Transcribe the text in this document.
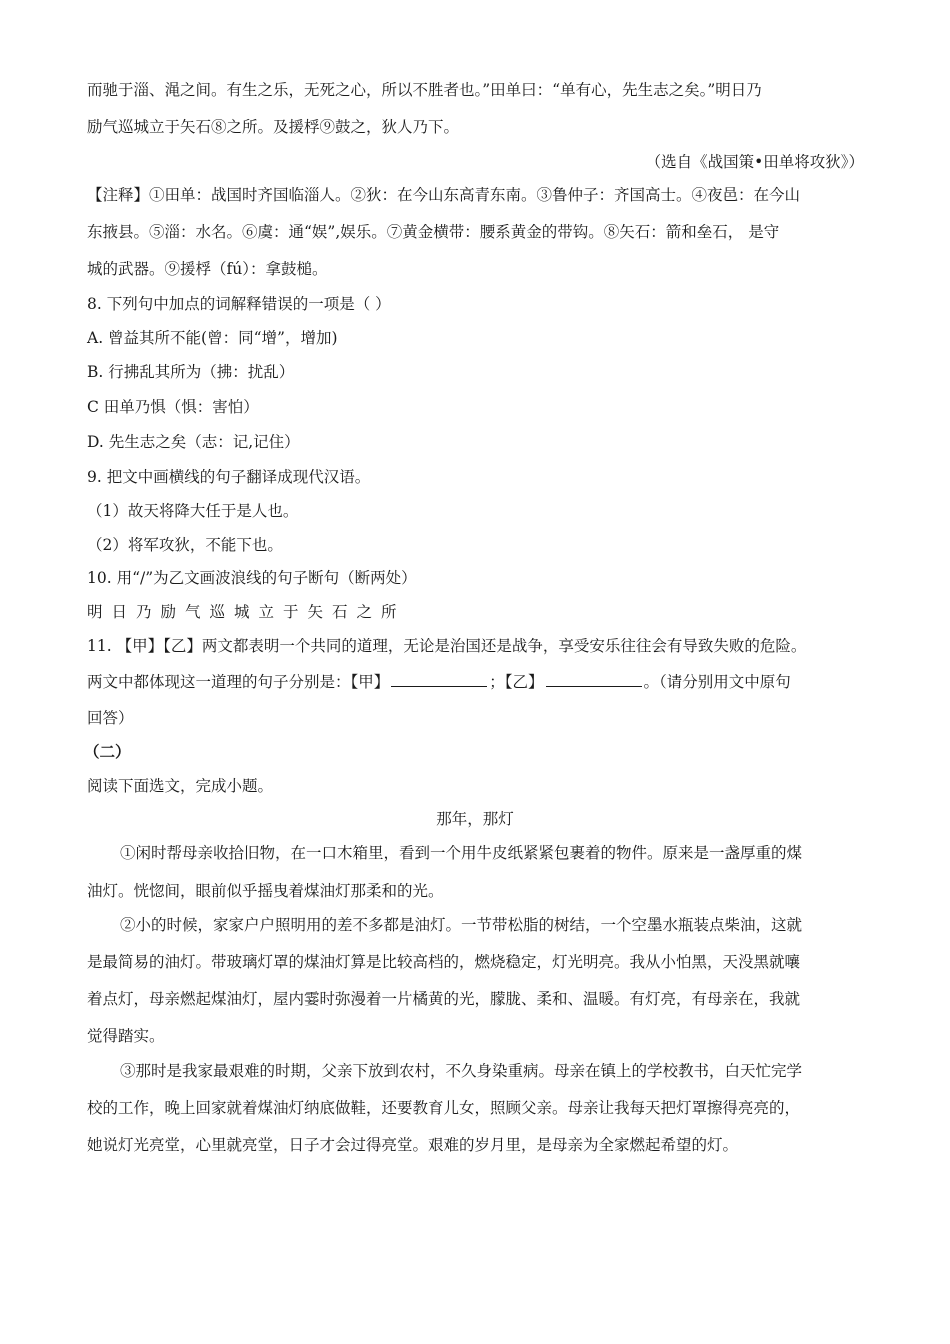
而驰于淄、渑之间。有生之乐，无死之心，所以不胜者也。”田单曰：“单有心，先生志之矣。”明日乃
励气巡城立于矢石⑧之所。及援桴⑨鼓之，狄人乃下。
（选自《战国策•田单将攻狄》）
【注释】①田单：战国时齐国临淄人。②狄：在今山东高青东南。③鲁仲子：齐国高士。④夜邑：在今山
东掖县。⑤淄：水名。⑥虞：通“娱”,娱乐。⑦黄金横带：腰系黄金的带钩。⑧矢石：箭和垒石， 是守
城的武器。⑨援桴（fú）：拿鼓槌。
8. 下列句中加点的词解释错误的一项是（ ）
A. 曾益其所不能(曾：同“增”，增加)
B. 行拂乱其所为（拂：扰乱）
C 田单乃惧（惧：害怕）
D. 先生志之矣（志：记,记住）
9. 把文中画横线的句子翻译成现代汉语。
（1）故天将降大任于是人也。
（2）将军攻狄，不能下也。
10. 用“/”为乙文画波浪线的句子断句（断两处）
明日乃励气巡城立于矢石之所
11. 【甲】【乙】两文都表明一个共同的道理，无论是治国还是战争，享受安乐往往会有导致失败的危险。
两文中都体现这一道理的句子分别是：【甲】	；【乙】	。（请分别用文中原句
回答）
（二）
阅读下面选文，完成小题。
那年，那灯
①闲时帮母亲收拾旧物，在一口木箱里，看到一个用牛皮纸紧紧包裹着的物件。原来是一盏厚重的煤
油灯。恍惚间，眼前似乎摇曳着煤油灯那柔和的光。
②小的时候，家家户户照明用的差不多都是油灯。一节带松脂的树结，一个空墨水瓶装点柴油，这就
是最简易的油灯。带玻璃灯罩的煤油灯算是比较高档的，燃烧稳定，灯光明亮。我从小怕黑，天没黑就嚷
着点灯，母亲燃起煤油灯，屋内霎时弥漫着一片橘黄的光，朦胧、柔和、温暖。有灯亮，有母亲在，我就
觉得踏实。
③那时是我家最艰难的时期，父亲下放到农村，不久身染重病。母亲在镇上的学校教书，白天忙完学
校的工作，晚上回家就着煤油灯纳底做鞋，还要教育儿女，照顾父亲。母亲让我每天把灯罩擦得亮亮的，
她说灯光亮堂，心里就亮堂，日子才会过得亮堂。艰难的岁月里，是母亲为全家燃起希望的灯。
